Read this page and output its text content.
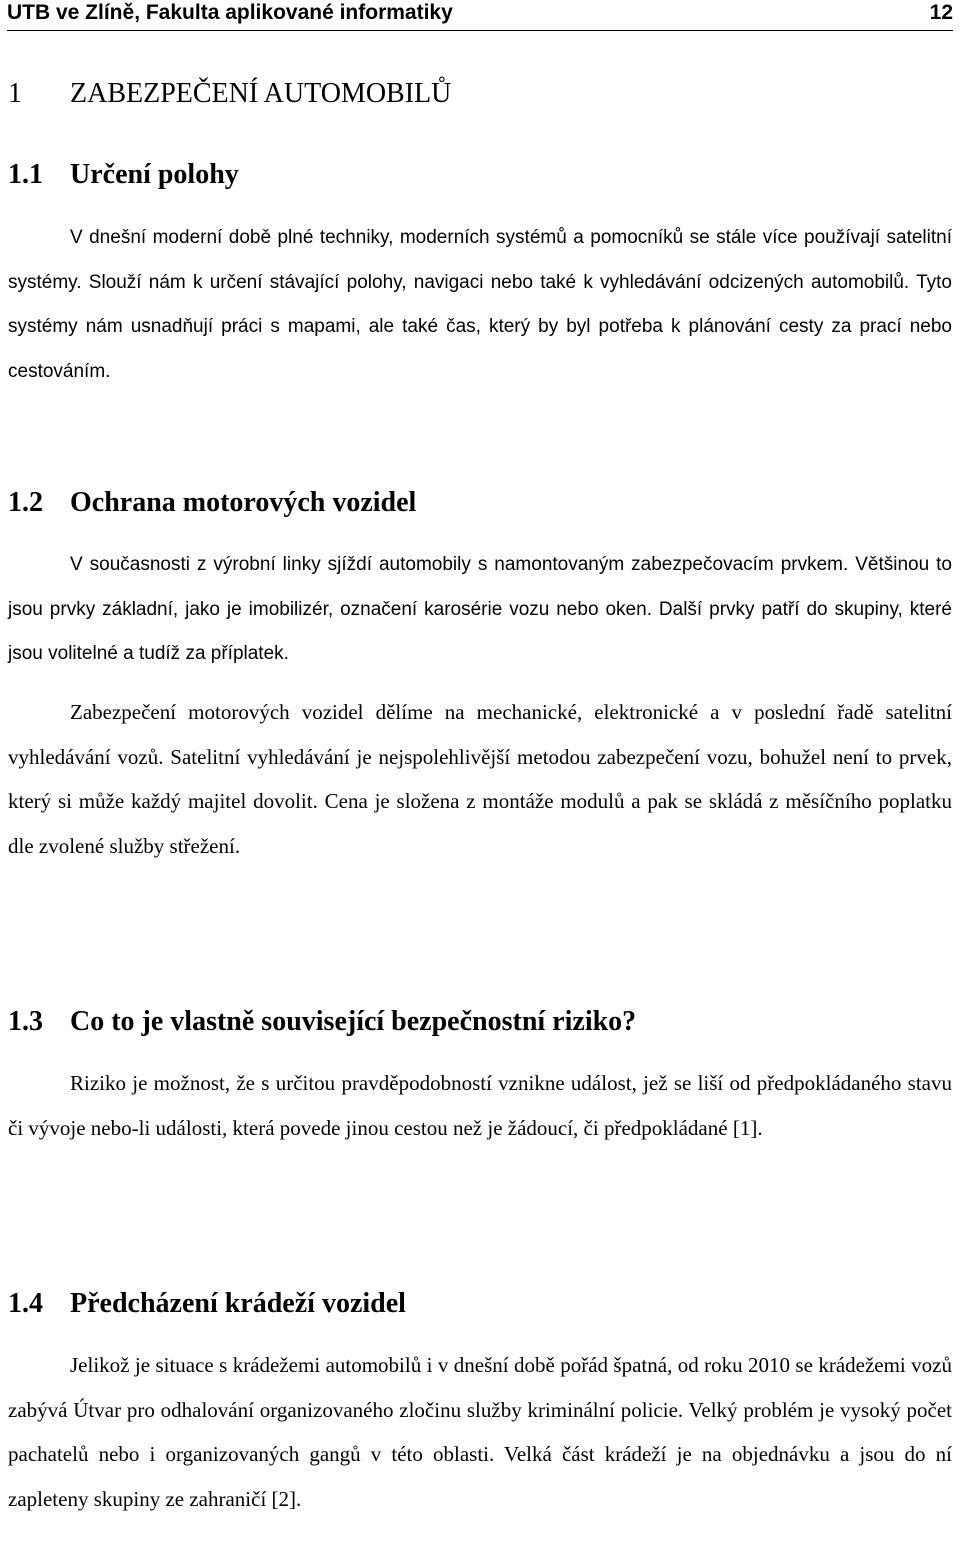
UTB ve Zlíně, Fakulta aplikované informatiky	12
1 ZABEZPEČENÍ AUTOMOBILŮ
1.1 Určení polohy

V dnešní moderní době plné techniky, moderních systémů a pomocníků se stále více používají satelitní systémy. Slouží nám k určení stávající polohy, navigaci nebo také k vyhledávání odcizených automobilů. Tyto systémy nám usnadňují práci s mapami, ale také čas, který by byl potřeba k plánování cesty za prací nebo cestováním.

1.2 Ochrana motorových vozidel

V současnosti z výrobní linky sjíždí automobily s namontovaným zabezpečovacím prvkem. Většinou to jsou prvky základní, jako je imobilizér, označení karosérie vozu nebo oken. Další prvky patří do skupiny, které jsou volitelné a tudíž za příplatek.

Zabezpečení motorových vozidel dělíme na mechanické, elektronické a v poslední řadě satelitní vyhledávání vozů. Satelitní vyhledávání je nejspolehlivější metodou zabezpečení vozu, bohužel není to prvek, který si může každý majitel dovolit. Cena je složena z montáže modulů a pak se skládá z měsíčního poplatku dle zvolené služby střežení.

1.3 Co to je vlastně související bezpečnostní riziko?

Riziko je možnost, že s určitou pravděpodobností vznikne událost, jež se liší od předpokládaného stavu či vývoje nebo-li události, která povede jinou cestou než je žádoucí, či předpokládané [1].

1.4 Předcházení krádeží vozidel

Jelikož je situace s krádežemi automobilů i v dnešní době pořád špatná, od roku 2010 se krádežemi vozů zabývá Útvar pro odhalování organizovaného zločinu služby kriminální policie. Velký problém je vysoký počet pachatelů nebo i organizovaných gangů v této oblasti. Velká část krádeží je na objednávku a jsou do ní zapleteny skupiny ze zahraničí [2].
